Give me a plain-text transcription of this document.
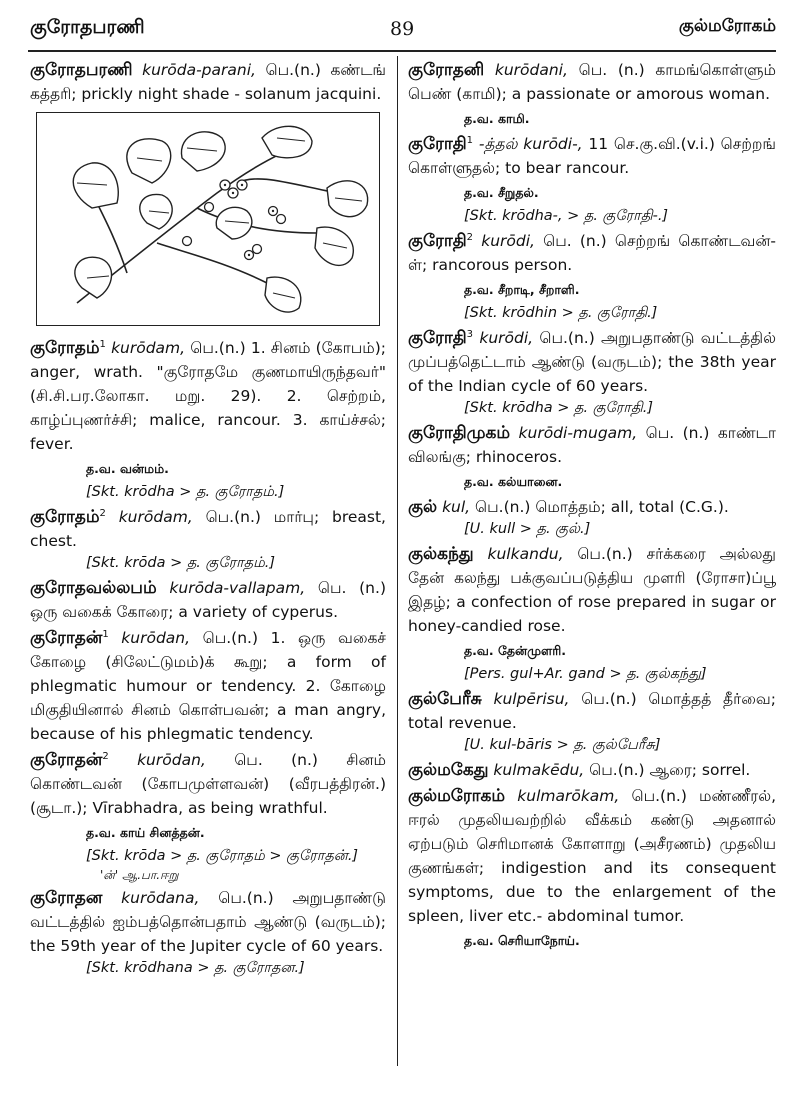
குரோதபரணி	89	குல்மரோகம்
குரோதபரணி kurōda-parani, பெ.(n.) கண்டங் கத்தரி; prickly night shade - solanum jacquini.
குரோதம்$^1$ kurōdam, பெ.(n.) 1. சினம் (கோபம்); anger, wrath. "குரோதமே குணமாயிருந்தவர்" (சி.சி.பர.லோகா. மறு. 29). 2. செற்றம், காழ்ப்புணர்ச்சி; malice, rancour. 3. காய்ச்சல்; fever.
த.வ. வன்மம்.
[Skt. krōdha > த. குரோதம்.]
குரோதம்$^2$ kurōdam, பெ.(n.) மார்பு; breast, chest.
[Skt. krōda > த. குரோதம்.]
குரோதவல்லபம் kurōda-vallapam, பெ. (n.) ஒரு வகைக் கோரை; a variety of cyperus.
குரோதன்$^1$ kurōdan, பெ.(n.) 1. ஒரு வகைச் கோழை (சிலேட்டுமம்)க் கூறு; a form of phlegmatic humour or tendency. 2. கோழை மிகுதியினால் சினம் கொள்பவன்; a man angry, because of his phlegmatic tendency.
குரோதன்$^2$ kurōdan, பெ. (n.) சினம் கொண்டவன் (கோபமுள்ளவன்) (வீரபத்திரன்.) (சூடா.); Vīrabhadra, as being wrathful.
த.வ. காய் சினத்தன்.
[Skt. krōda > த. குரோதம் > குரோதன்.]
'ன்' ஆ.பா.ஈறு
குரோதன kurōdana, பெ.(n.) அறுபதாண்டு வட்டத்தில் ஐம்பத்தொன்பதாம் ஆண்டு (வருடம்); the 59th year of the Jupiter cycle of 60 years.
[Skt. krōdhana > த. குரோதன.]
குரோதனி kurōdani, பெ. (n.) காமங்கொள்ளும் பெண் (காமி); a passionate or amorous woman.
த.வ. காமி.
குரோதி$^1$ -த்தல் kurōdi-, 11 செ.கு.வி.(v.i.) செற்றங் கொள்ளுதல்; to bear rancour.
த.வ. சீறுதல்.
[Skt. krōdha-, > த. குரோதி-.]
குரோதி$^2$ kurōdi, பெ. (n.) செற்றங் கொண்டவன்-ள்; rancorous person.
த.வ. சீறாடி, சீறாளி.
[Skt. krōdhin > த. குரோதி.]
குரோதி$^3$ kurōdi, பெ.(n.) அறுபதாண்டு வட்டத்தில் முப்பத்தெட்டாம் ஆண்டு (வருடம்); the 38th year of the Indian cycle of 60 years.
[Skt. krōdha > த. குரோதி.]
குரோதிமுகம் kurōdi-mugam, பெ. (n.) காண்டா விலங்கு; rhinoceros.
த.வ. கல்யானை.
குல் kul, பெ.(n.) மொத்தம்; all, total (C.G.).
[U. kull > த. குல்.]
குல்கந்து kulkandu, பெ.(n.) சர்க்கரை அல்லது தேன் கலந்து பக்குவப்படுத்திய முளரி (ரோசா)ப்பூ இதழ்; a confection of rose prepared in sugar or honey-candied rose.
த.வ. தேன்முளரி.
[Pers. gul+Ar. gand > த. குல்கந்து]
குல்பேரீசு kulpērisu, பெ.(n.) மொத்தத் தீர்வை; total revenue.
[U. kul-bāris > த. குல்பேரீசு]
குல்மகேது kulmakēdu, பெ.(n.) ஆரை; sorrel.
குல்மரோகம் kulmarōkam, பெ.(n.) மண்ணீரல், ஈரல் முதலியவற்றில் வீக்கம் கண்டு அதனால் ஏற்படும் செரிமானக் கோளாறு (அசீரணம்) முதலிய குணங்கள்; indigestion and its consequent symptoms, due to the enlargement of the spleen, liver etc.- abdominal tumor.
த.வ. செரியாநோய்.
